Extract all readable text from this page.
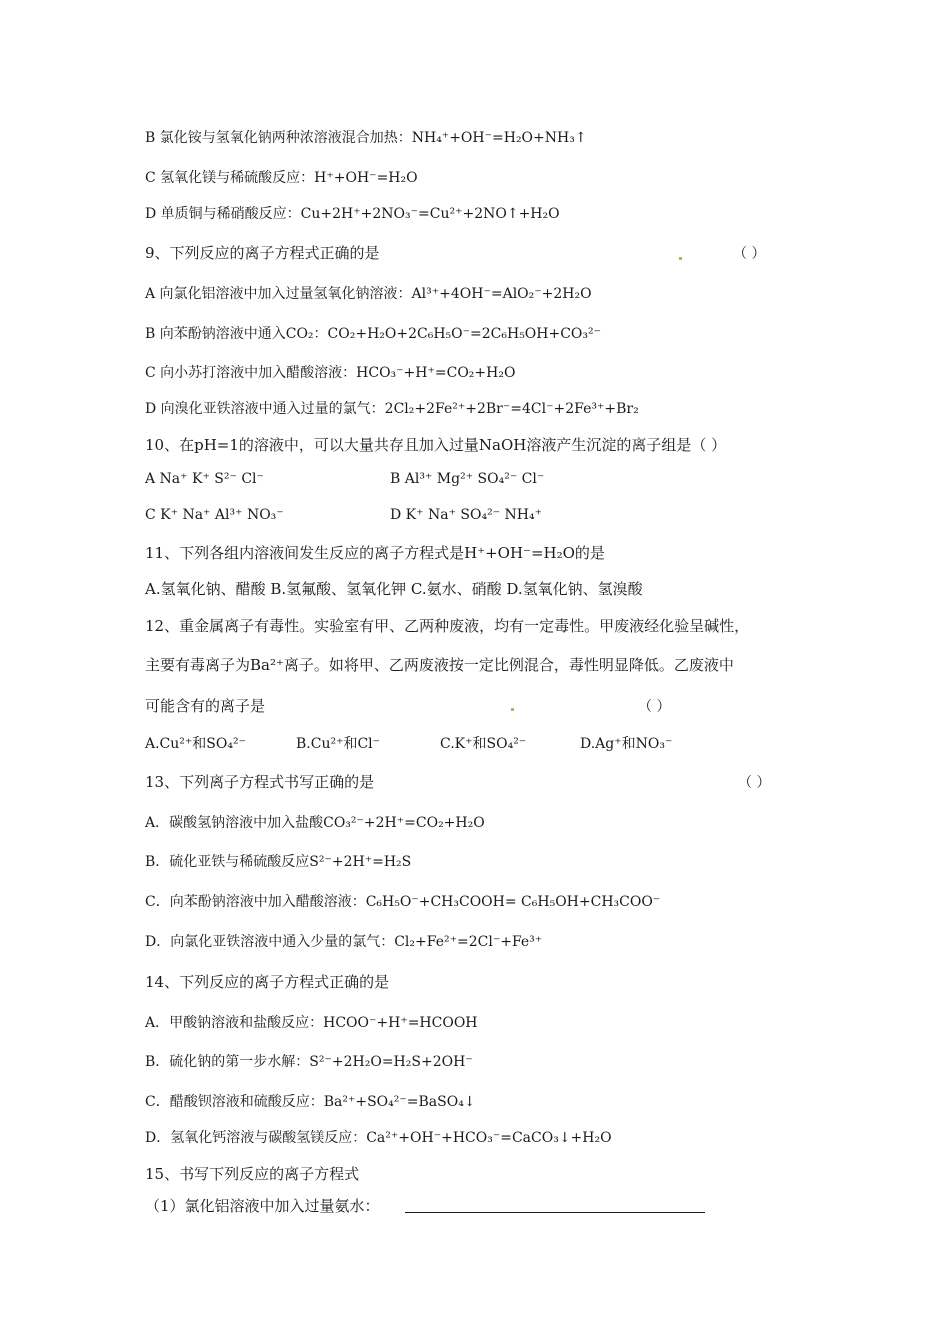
B 氯化铵与氢氧化钠两种浓溶液混合加热：NH₄⁺+OH⁻=H₂O+NH₃↑
C 氢氧化镁与稀硫酸反应：H⁺+OH⁻=H₂O
D 单质铜与稀硝酸反应：Cu+2H⁺+2NO₃⁻=Cu²⁺+2NO↑+H₂O
9、下列反应的离子方程式正确的是	（ ）
A 向氯化铝溶液中加入过量氢氧化钠溶液：Al³⁺+4OH⁻=AlO₂⁻+2H₂O
B 向苯酚钠溶液中通入CO₂：CO₂+H₂O+2C₆H₅O⁻=2C₆H₅OH+CO₃²⁻
C 向小苏打溶液中加入醋酸溶液：HCO₃⁻+H⁺=CO₂+H₂O
D 向溴化亚铁溶液中通入过量的氯气：2Cl₂+2Fe²⁺+2Br⁻=4Cl⁻+2Fe³⁺+Br₂
10、在pH=1的溶液中，可以大量共存且加入过量NaOH溶液产生沉淀的离子组是（ ）
A Na⁺ K⁺ S²⁻ Cl⁻	B Al³⁺ Mg²⁺ SO₄²⁻ Cl⁻
C K⁺ Na⁺ Al³⁺ NO₃⁻	D K⁺ Na⁺ SO₄²⁻ NH₄⁺
11、下列各组内溶液间发生反应的离子方程式是H⁺+OH⁻=H₂O的是
A.氢氧化钠、醋酸 B.氢氟酸、氢氧化钾 C.氨水、硝酸 D.氢氧化钠、氢溴酸
12、重金属离子有毒性。实验室有甲、乙两种废液，均有一定毒性。甲废液经化验呈碱性，
主要有毒离子为Ba²⁺离子。如将甲、乙两废液按一定比例混合，毒性明显降低。乙废液中
可能含有的离子是	（ ）
A.Cu²⁺和SO₄²⁻	B.Cu²⁺和Cl⁻	C.K⁺和SO₄²⁻	D.Ag⁺和NO₃⁻
13、下列离子方程式书写正确的是	（ ）
A．碳酸氢钠溶液中加入盐酸CO₃²⁻+2H⁺=CO₂+H₂O
B．硫化亚铁与稀硫酸反应S²⁻+2H⁺=H₂S
C．向苯酚钠溶液中加入醋酸溶液：C₆H₅O⁻+CH₃COOH= C₆H₅OH+CH₃COO⁻
D．向氯化亚铁溶液中通入少量的氯气：Cl₂+Fe²⁺=2Cl⁻+Fe³⁺
14、下列反应的离子方程式正确的是
A．甲酸钠溶液和盐酸反应：HCOO⁻+H⁺=HCOOH
B．硫化钠的第一步水解：S²⁻+2H₂O=H₂S+2OH⁻
C．醋酸钡溶液和硫酸反应：Ba²⁺+SO₄²⁻=BaSO₄↓
D．氢氧化钙溶液与碳酸氢镁反应：Ca²⁺+OH⁻+HCO₃⁻=CaCO₃↓+H₂O
15、书写下列反应的离子方程式
（1）氯化铝溶液中加入过量氨水：
